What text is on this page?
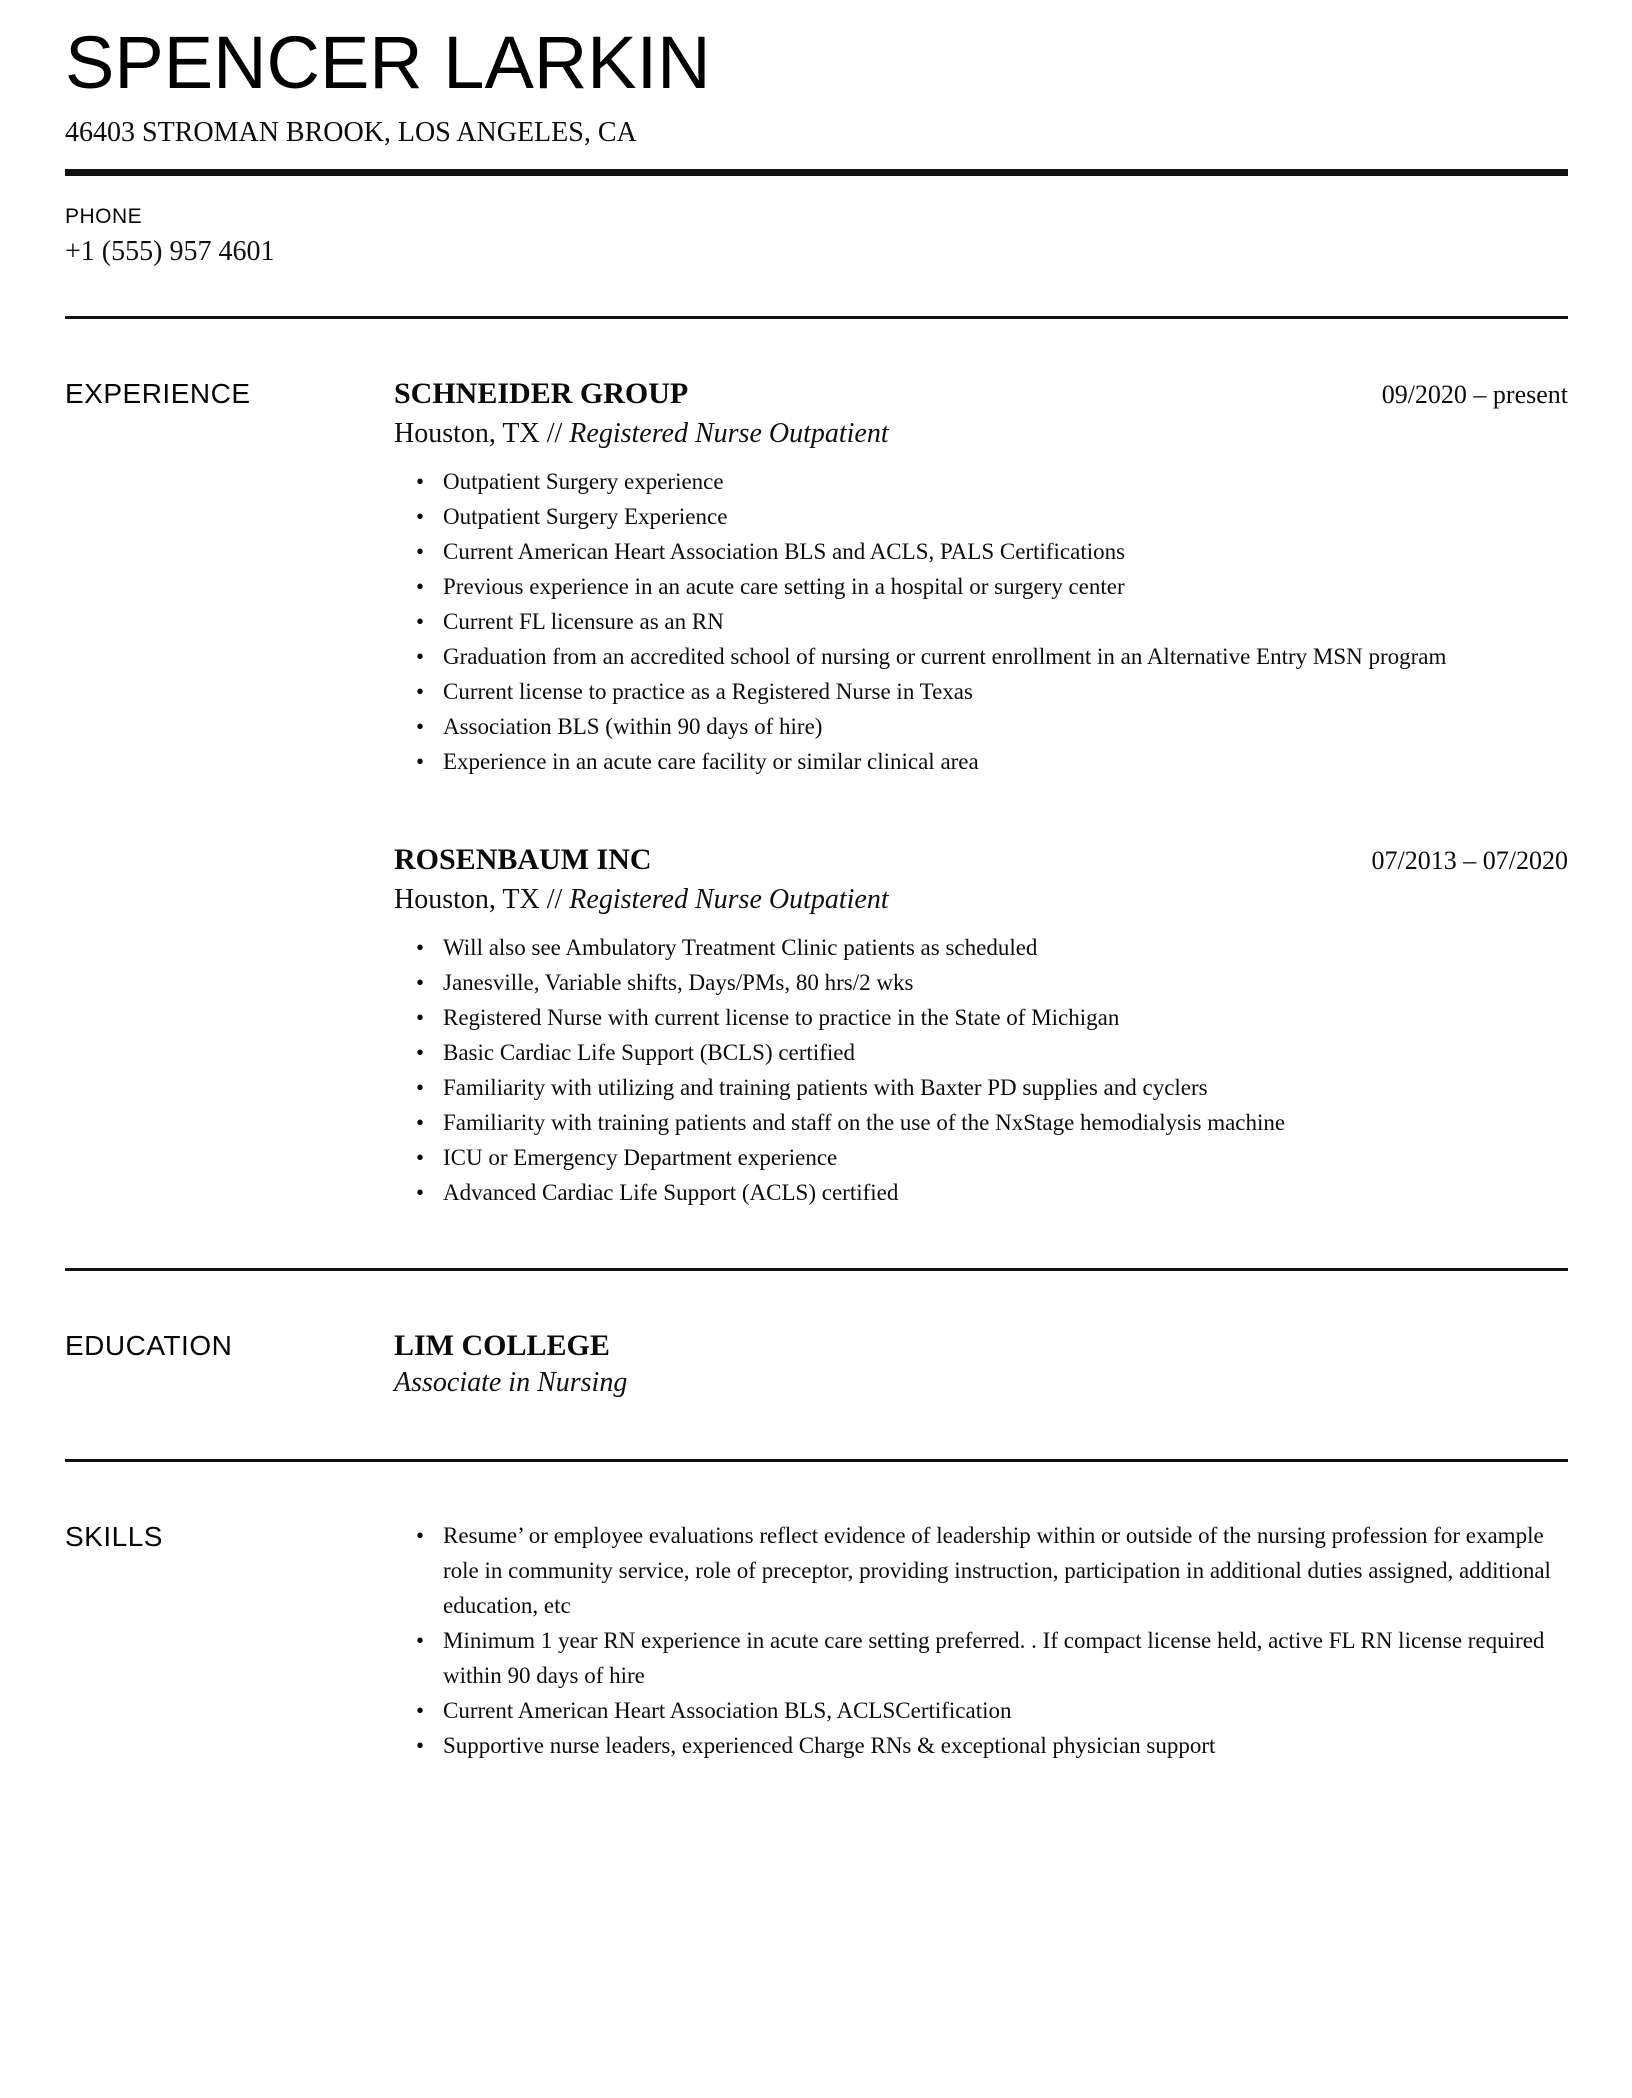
SPENCER LARKIN
46403 STROMAN BROOK, LOS ANGELES, CA
PHONE
+1 (555) 957 4601
EXPERIENCE	SCHNEIDER GROUP	09/2020 – present
Houston, TX // Registered Nurse Outpatient
• Outpatient Surgery experience
• Outpatient Surgery Experience
• Current American Heart Association BLS and ACLS, PALS Certifications
• Previous experience in an acute care setting in a hospital or surgery center
• Current FL licensure as an RN
• Graduation from an accredited school of nursing or current enrollment in an Alternative Entry MSN program
• Current license to practice as a Registered Nurse in Texas
• Association BLS (within 90 days of hire)
• Experience in an acute care facility or similar clinical area
ROSENBAUM INC	07/2013 – 07/2020
Houston, TX // Registered Nurse Outpatient
• Will also see Ambulatory Treatment Clinic patients as scheduled
• Janesville, Variable shifts, Days/PMs, 80 hrs/2 wks
• Registered Nurse with current license to practice in the State of Michigan
• Basic Cardiac Life Support (BCLS) certified
• Familiarity with utilizing and training patients with Baxter PD supplies and cyclers
• Familiarity with training patients and staff on the use of the NxStage hemodialysis machine
• ICU or Emergency Department experience
• Advanced Cardiac Life Support (ACLS) certified
EDUCATION	LIM COLLEGE
Associate in Nursing
SKILLS	• Resume’ or employee evaluations reflect evidence of leadership within or outside of the nursing profession for example role in community service, role of preceptor, providing instruction, participation in additional duties assigned, additional education, etc
• Minimum 1 year RN experience in acute care setting preferred. . If compact license held, active FL RN license required within 90 days of hire
• Current American Heart Association BLS, ACLSCertification
• Supportive nurse leaders, experienced Charge RNs & exceptional physician support
